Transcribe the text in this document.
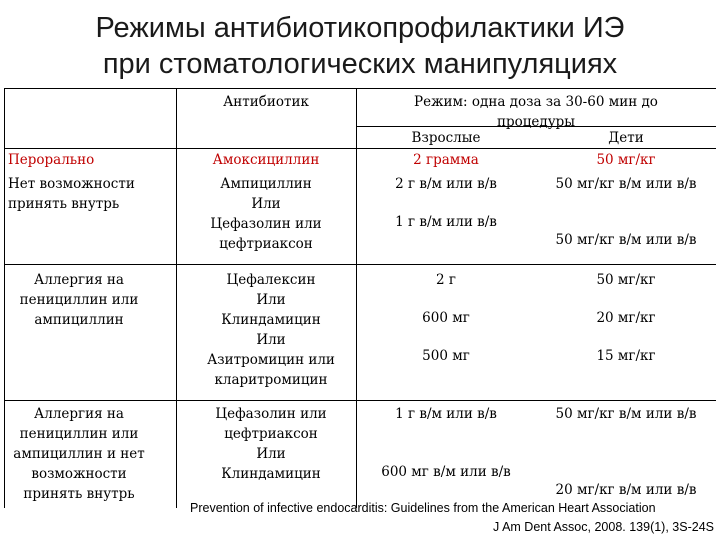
Режимы антибиотикопрофилактики ИЭ
при стоматологических манипуляциях
Антибиотик	Режим: одна доза за 30-60 мин до процедуры
Взрослые	Дети
Перорально
Нет возможности принять внутрь
Амоксициллин
Ампициллин
Или
Цефазолин или цефтриаксон
2 грамма
2 г в/м или в/в
1 г в/м или в/в
50 мг/кг
50 мг/кг в/м или в/в
50 мг/кг в/м или в/в
Аллергия на пенициллин или ампициллин
Цефалексин
Или
Клиндамицин
Или
Азитромицин или кларитромицин
2 г
600 мг
500 мг
50 мг/кг
20 мг/кг
15 мг/кг
Аллергия на пенициллин или ампициллин и нет возможности принять внутрь
Цефазолин или цефтриаксон
Или
Клиндамицин
1 г в/м или в/в
600 мг в/м или в/в
50 мг/кг в/м или в/в
20 мг/кг в/м или в/в
Prevention of infective endocarditis: Guidelines from the American Heart Association
J Am Dent Assoc, 2008. 139(1), 3S-24S
